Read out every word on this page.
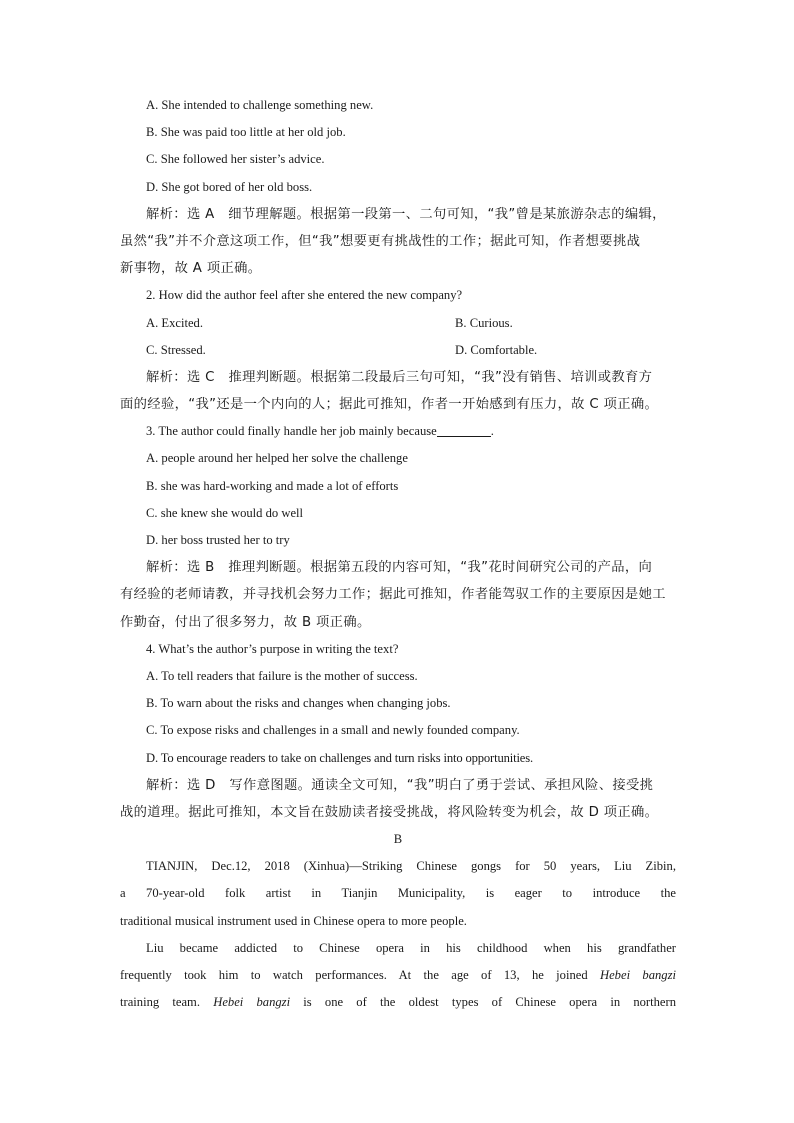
A. She intended to challenge something new.
B. She was paid too little at her old job.
C. She followed her sister’s advice.
D. She got bored of her old boss.
解析：选 A　细节理解题。根据第一段第一、二句可知，“我”曾是某旅游杂志的编辑，
虽然“我”并不介意这项工作，但“我”想要更有挑战性的工作；据此可知，作者想要挑战
新事物，故 A 项正确。
2. How did the author feel after she entered the new company?
A. Excited.	B. Curious.
C. Stressed.	D. Comfortable.
解析：选 C　推理判断题。根据第二段最后三句可知，“我”没有销售、培训或教育方
面的经验，“我”还是一个内向的人；据此可推知，作者一开始感到有压力，故 C 项正确。
3. The author could finally handle her job mainly because	.
A. people around her helped her solve the challenge
B. she was hard-working and made a lot of efforts
C. she knew she would do well
D. her boss trusted her to try
解析：选 B　推理判断题。根据第五段的内容可知，“我”花时间研究公司的产品，向
有经验的老师请教，并寻找机会努力工作；据此可推知，作者能驾驭工作的主要原因是她工
作勤奋，付出了很多努力，故 B 项正确。
4. What’s the author’s purpose in writing the text?
A. To tell readers that failure is the mother of success.
B. To warn about the risks and changes when changing jobs.
C. To expose risks and challenges in a small and newly founded company.
D. To encourage readers to take on challenges and turn risks into opportunities.
解析：选 D　写作意图题。通读全文可知，“我”明白了勇于尝试、承担风险、接受挑
战的道理。据此可推知，本文旨在鼓励读者接受挑战，将风险转变为机会，故 D 项正确。
B
TIANJIN, Dec.12, 2018 (Xinhua)—Striking Chinese gongs for 50 years, Liu Zibin,
a 70-year-old folk artist in Tianjin Municipality, is eager to introduce the
traditional musical instrument used in Chinese opera to more people.
Liu became addicted to Chinese opera in his childhood when his grandfather
frequently took him to watch performances. At the age of 13, he joined Hebei bangzi
training team. Hebei bangzi is one of the oldest types of Chinese opera in northern
